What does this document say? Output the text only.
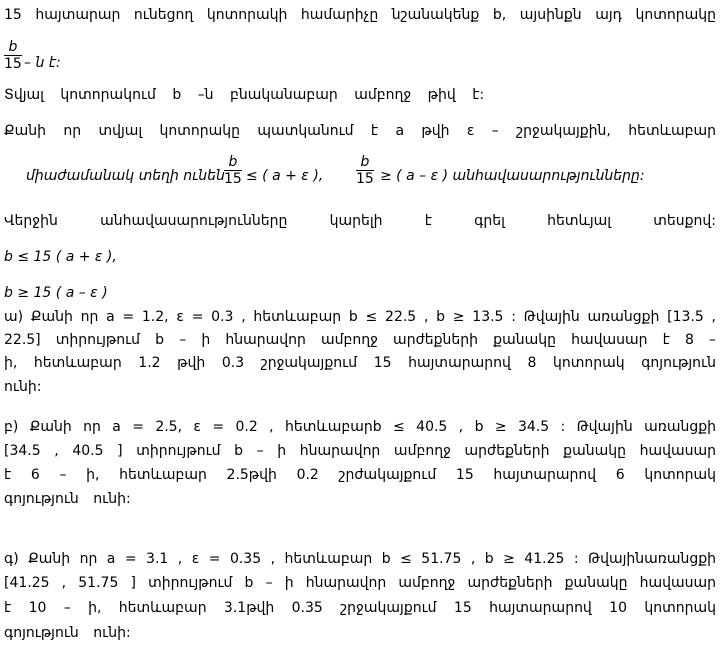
15 հայտարար ունեցող կոտորակի համարիչը նշանակենք b, այսինքն այդ կոտորակը
$\frac{b}{15}$ – ն է:
Տվյալ կոտորակում b –ն բնականաբար ամբողջ թիվ է:
Քանի որ տվյալ կոտորակը պատկանում է a թվի ε – շրջակայքին, հետևաբար
միաժամանակ տեղի ունեն $\frac{b}{15}$ ≤ ( a + ε ),	$\frac{b}{15}$ ≥ ( a – ε ) անհավասարությունները:
Վերջին անհավասարությունները կարելի է գրել հետևյալ տեսքով:
b ≤ 15 ( a + ε ),
b ≥ 15 ( a – ε )
ա) Քանի որ a = 1.2, ε = 0.3 , հետևաբար b ≤ 22.5 , b ≥ 13.5 : Թվային առանցքի [13.5 ,
22.5] տիրույթում b – ի հնարավոր ամբողջ արժեքների քանակը հավասար է 8 –
ի, հետևաբար 1.2 թվի 0.3 շրջակայքում 15 հայտարարով 8 կոտորակ գոյություն
ունի:
բ) Քանի որ a = 2.5, ε = 0.2 , հետևաբարb ≤ 40.5 , b ≥ 34.5 : Թվային առանցքի
[34.5 , 40.5 ] տիրույթում b – ի հնարավոր ամբողջ արժեքների քանակը հավասար
է 6 – ի, հետևաբար 2.5թվի 0.2 շրժակայքում 15 հայտարարով 6 կոտորակ
գոյություն ունի:
գ) Քանի որ a = 3.1 , ε = 0.35 , հետևաբար b ≤ 51.75 , b ≥ 41.25 : Թվայինառանցքի
[41.25 , 51.75 ] տիրույթում b – ի հնարավոր ամբողջ արժեքների քանակը հավասար
է 10 – ի, հետևաբար 3.1թվի 0.35 շրջակայքում 15 հայտարարով 10 կոտորակ
գոյություն ունի:
